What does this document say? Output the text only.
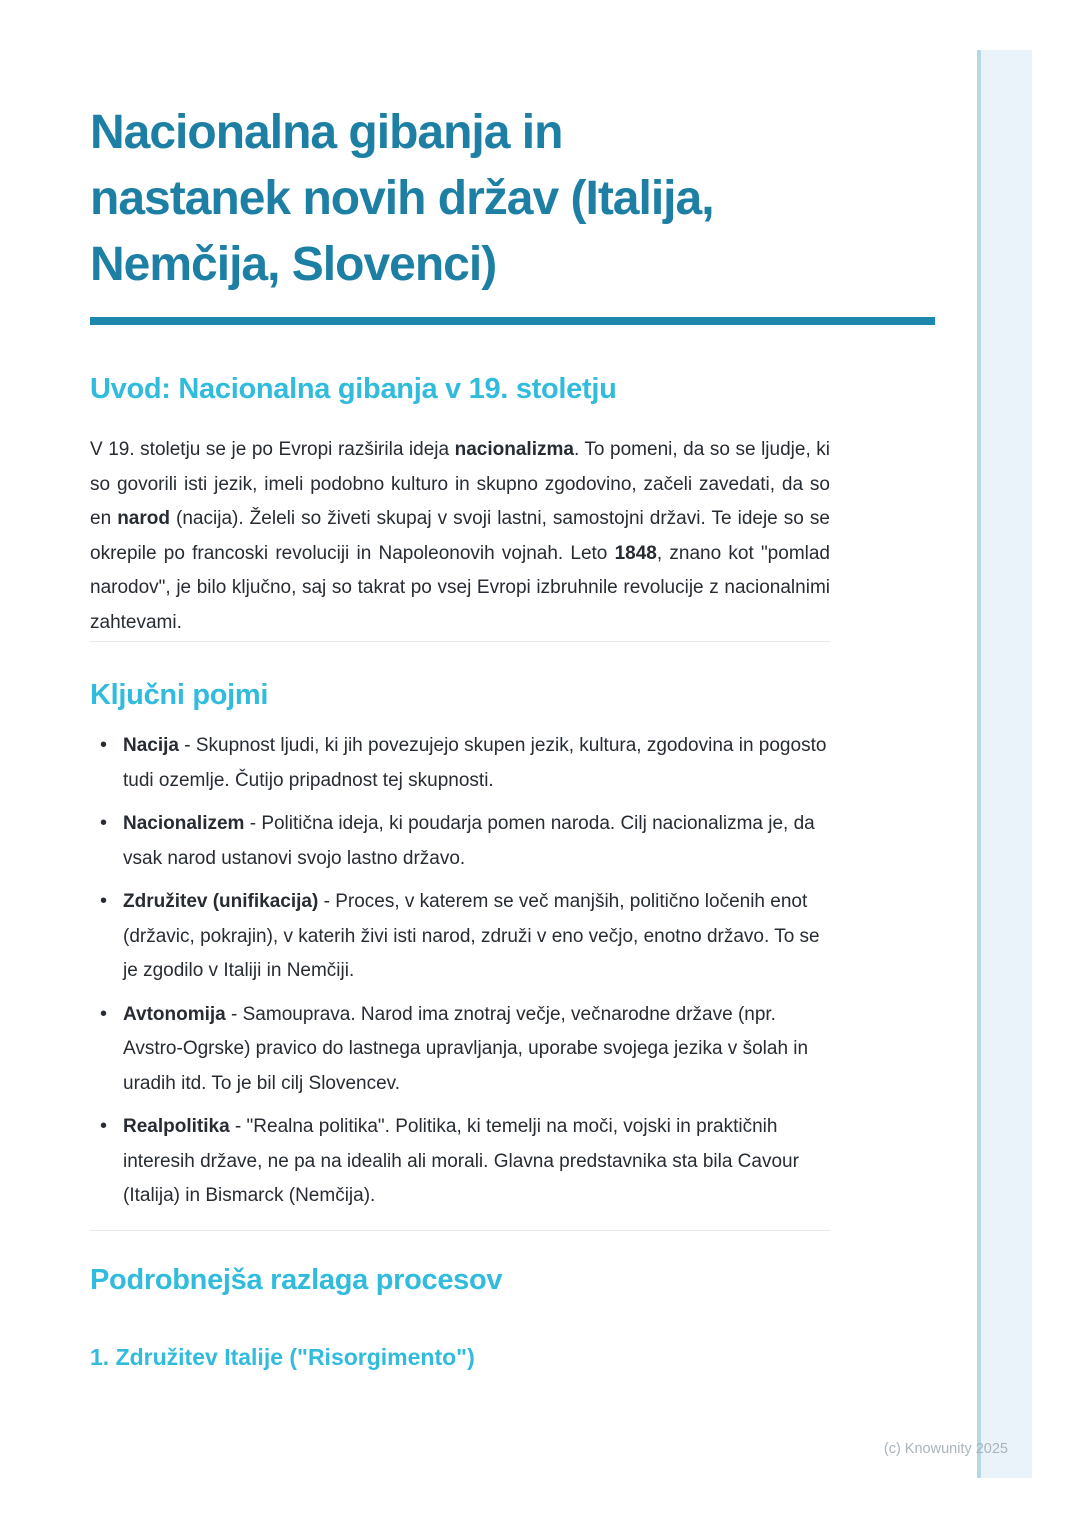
Nacionalna gibanja in
nastanek novih držav (Italija,
Nemčija, Slovenci)
Uvod: Nacionalna gibanja v 19. stoletju

V 19. stoletju se je po Evropi razširila ideja nacionalizma. To pomeni, da so se ljudje, ki so govorili isti jezik, imeli podobno kulturo in skupno zgodovino, začeli zavedati, da so en narod (nacija). Želeli so živeti skupaj v svoji lastni, samostojni državi. Te ideje so se okrepile po francoski revoluciji in Napoleonovih vojnah. Leto 1848, znano kot "pomlad narodov", je bilo ključno, saj so takrat po vsej Evropi izbruhnile revolucije z nacionalnimi zahtevami.

Ključni pojmi
• Nacija - Skupnost ljudi, ki jih povezujejo skupen jezik, kultura, zgodovina in pogosto tudi ozemlje. Čutijo pripadnost tej skupnosti.
• Nacionalizem - Politična ideja, ki poudarja pomen naroda. Cilj nacionalizma je, da vsak narod ustanovi svojo lastno državo.
• Združitev (unifikacija) - Proces, v katerem se več manjših, politično ločenih enot (državic, pokrajin), v katerih živi isti narod, združi v eno večjo, enotno državo. To se je zgodilo v Italiji in Nemčiji.
• Avtonomija - Samouprava. Narod ima znotraj večje, večnarodne države (npr. Avstro-Ogrske) pravico do lastnega upravljanja, uporabe svojega jezika v šolah in uradih itd. To je bil cilj Slovencev.
• Realpolitika - "Realna politika". Politika, ki temelji na moči, vojski in praktičnih interesih države, ne pa na idealih ali morali. Glavna predstavnika sta bila Cavour (Italija) in Bismarck (Nemčija).
Podrobnejša razlaga procesov
1. Združitev Italije ("Risorgimento")
(c) Knowunity 2025
